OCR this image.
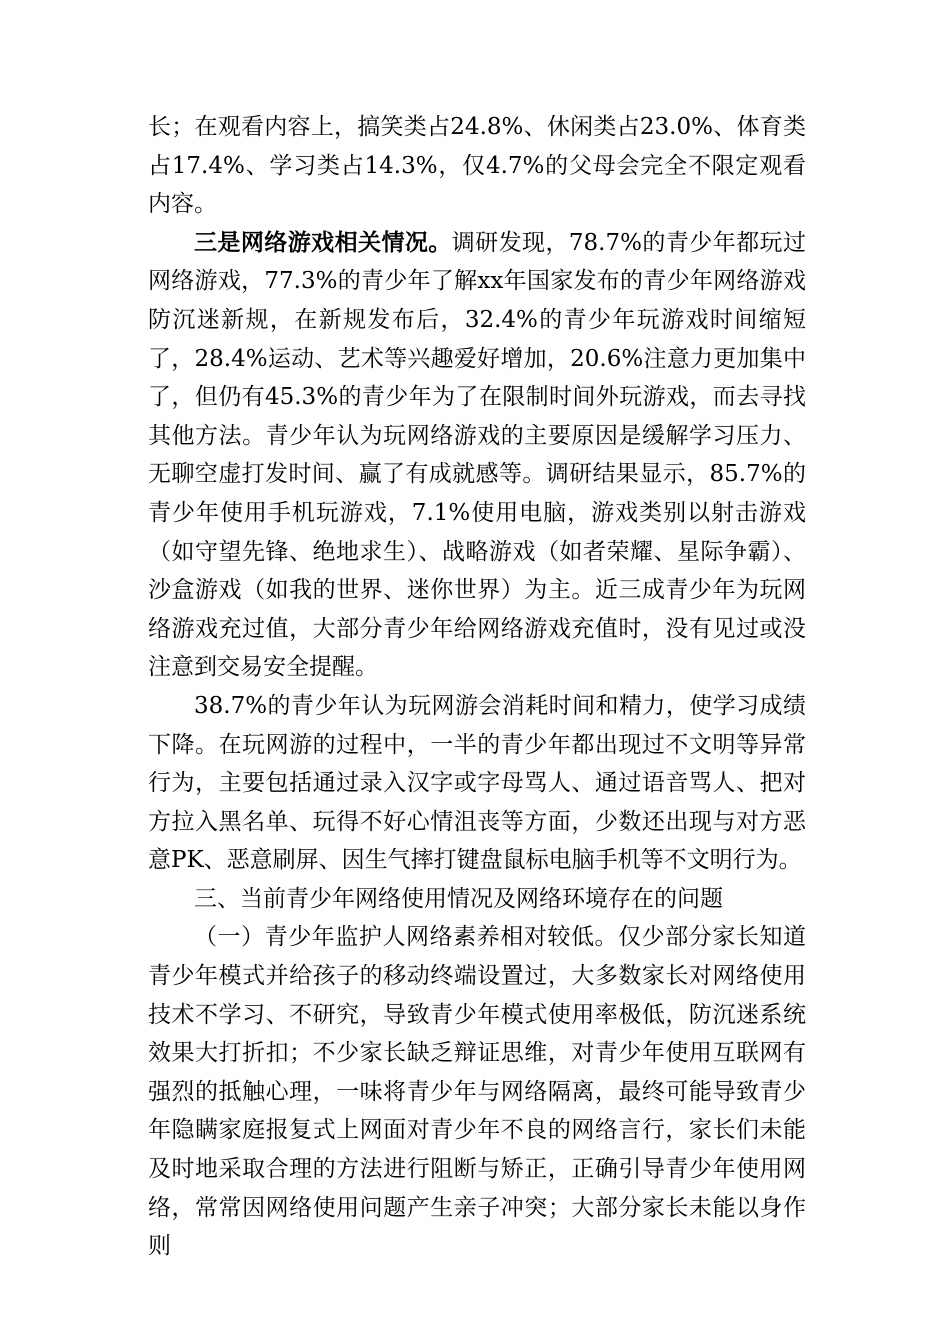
长；在观看内容上，搞笑类占24.8%、休闲类占23.0%、体育类占17.4%、学习类占14.3%，仅4.7%的父母会完全不限定观看内容。

三是网络游戏相关情况。调研发现，78.7%的青少年都玩过网络游戏，77.3%的青少年了解xx年国家发布的青少年网络游戏防沉迷新规，在新规发布后，32.4%的青少年玩游戏时间缩短了，28.4%运动、艺术等兴趣爱好增加，20.6%注意力更加集中了，但仍有45.3%的青少年为了在限制时间外玩游戏，而去寻找其他方法。青少年认为玩网络游戏的主要原因是缓解学习压力、无聊空虚打发时间、赢了有成就感等。调研结果显示，85.7%的青少年使用手机玩游戏，7.1%使用电脑，游戏类别以射击游戏（如守望先锋、绝地求生）、战略游戏（如者荣耀、星际争霸）、沙盒游戏（如我的世界、迷你世界）为主。近三成青少年为玩网络游戏充过值，大部分青少年给网络游戏充值时，没有见过或没注意到交易安全提醒。

38.7%的青少年认为玩网游会消耗时间和精力，使学习成绩下降。在玩网游的过程中，一半的青少年都出现过不文明等异常行为，主要包括通过录入汉字或字母骂人、通过语音骂人、把对方拉入黑名单、玩得不好心情沮丧等方面，少数还出现与对方恶意PK、恶意刷屏、因生气摔打键盘鼠标电脑手机等不文明行为。

三、当前青少年网络使用情况及网络环境存在的问题

（一）青少年监护人网络素养相对较低。仅少部分家长知道青少年模式并给孩子的移动终端设置过，大多数家长对网络使用技术不学习、不研究，导致青少年模式使用率极低，防沉迷系统效果大打折扣；不少家长缺乏辩证思维，对青少年使用互联网有强烈的抵触心理，一味将青少年与网络隔离，最终可能导致青少年隐瞒家庭报复式上网面对青少年不良的网络言行，家长们未能及时地采取合理的方法进行阻断与矫正，正确引导青少年使用网络，常常因网络使用问题产生亲子冲突；大部分家长未能以身作则
